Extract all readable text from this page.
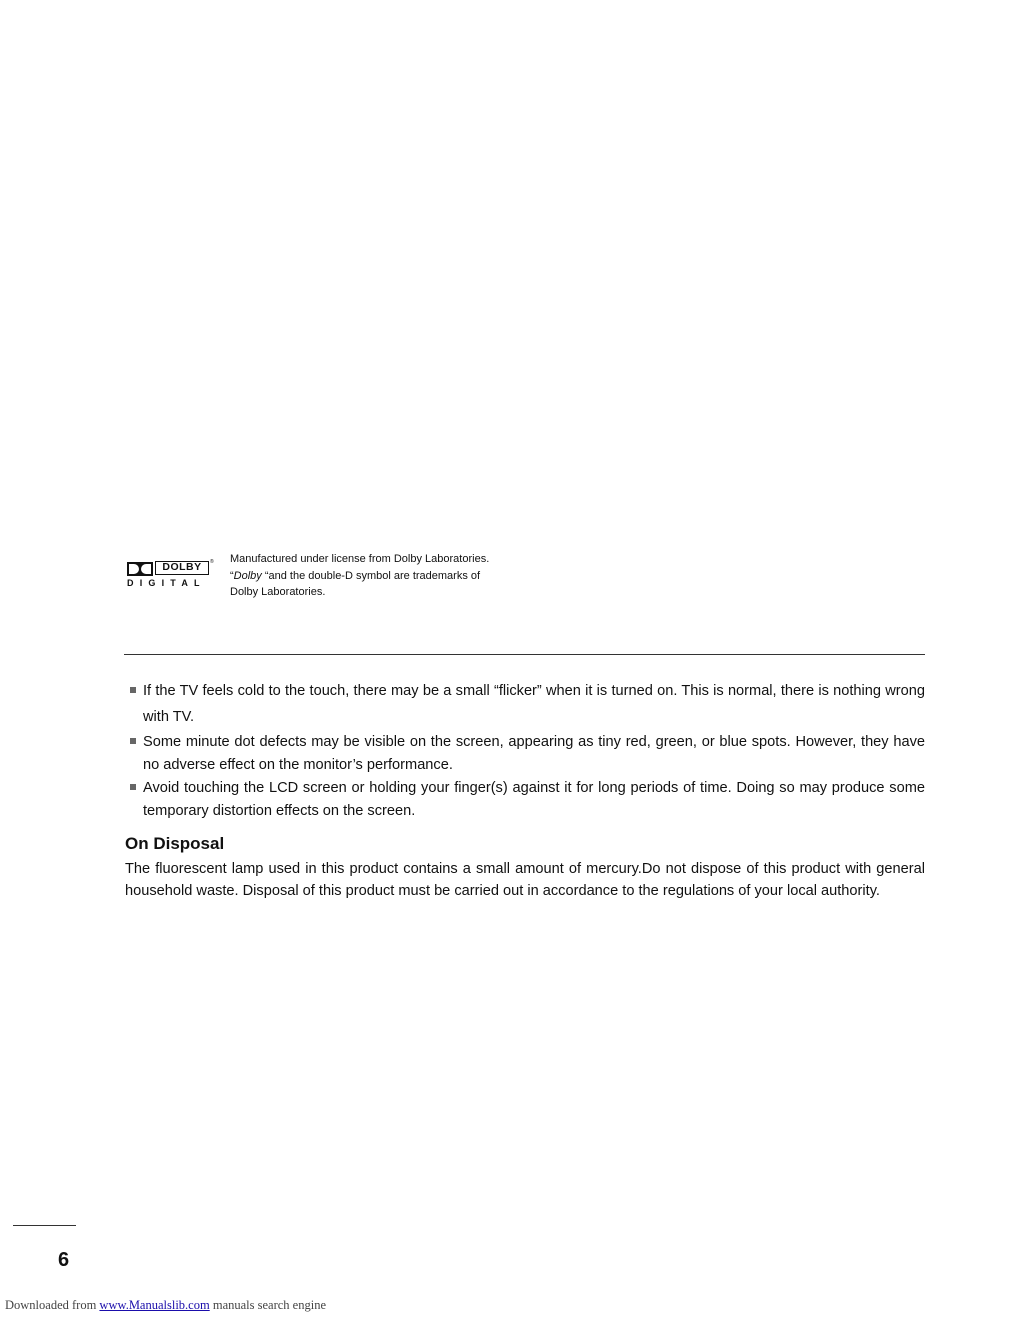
DOLBY	®
DIGITAL
Manufactured under license from Dolby Laboratories.
“Dolby “and the double-D symbol are trademarks of
Dolby Laboratories.
If the TV feels cold to the touch, there may be a small “flicker” when it is turned on. This is normal, there is nothing wrong with TV.
Some minute dot defects may be visible on the screen, appearing as tiny red, green, or blue spots. However, they have no adverse effect on the monitor’s performance.
Avoid touching the LCD screen or holding your finger(s) against it for long periods of time. Doing so may produce some temporary distortion effects on the screen.
On Disposal
The fluorescent lamp used in this product contains a small amount of mercury.Do not dispose of this product with general household waste. Disposal of this product must be carried out in accordance to the regulations of your local authority.
6
Downloaded from www.Manualslib.com manuals search engine
